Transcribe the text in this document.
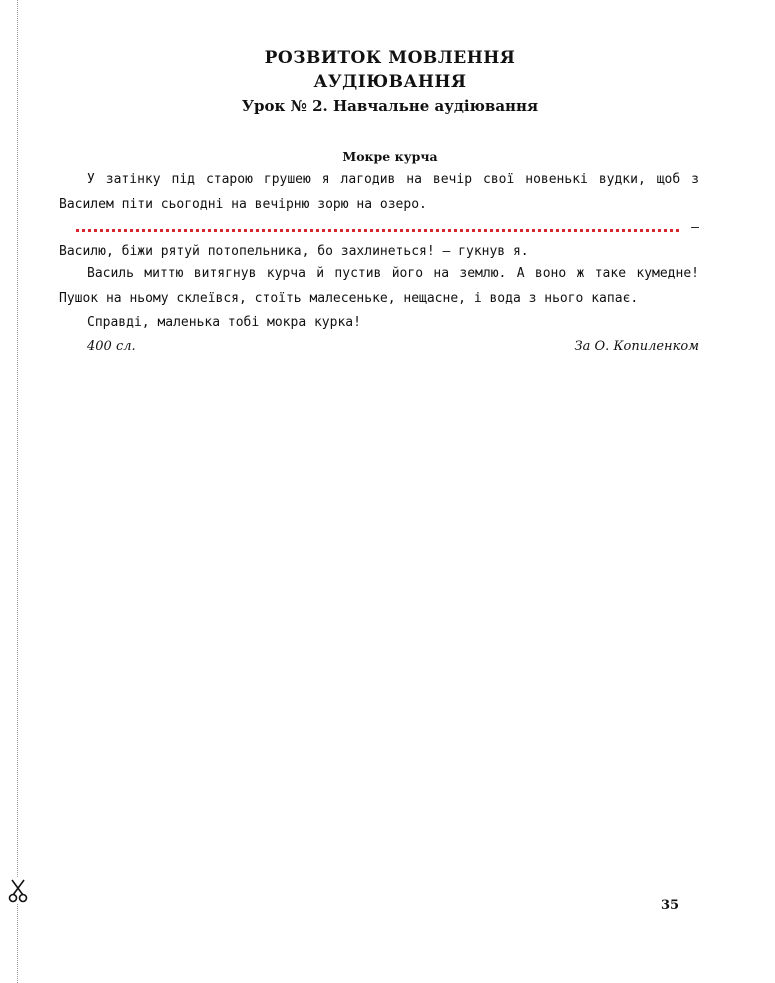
РОЗВИТОК МОВЛЕННЯ
АУДІЮВАННЯ
Урок № 2. Навчальне аудіювання
Мокре курча

У затінку під старою грушею я лагодив на вечір свої новенькі вудки, щоб з Василем піти сьогодні на вечірню зорю на озеро.

—

Василю, біжи рятуй потопельника, бо захлинеться! — гукнув я.

Василь миттю витягнув курча й пустив його на землю. А воно ж таке кумедне! Пушок на ньому склеївся, стоїть малесеньке, нещасне, і вода з нього капає.

Справді, маленька тобі мокра курка!

400 сл.	За О. Копиленком
35
